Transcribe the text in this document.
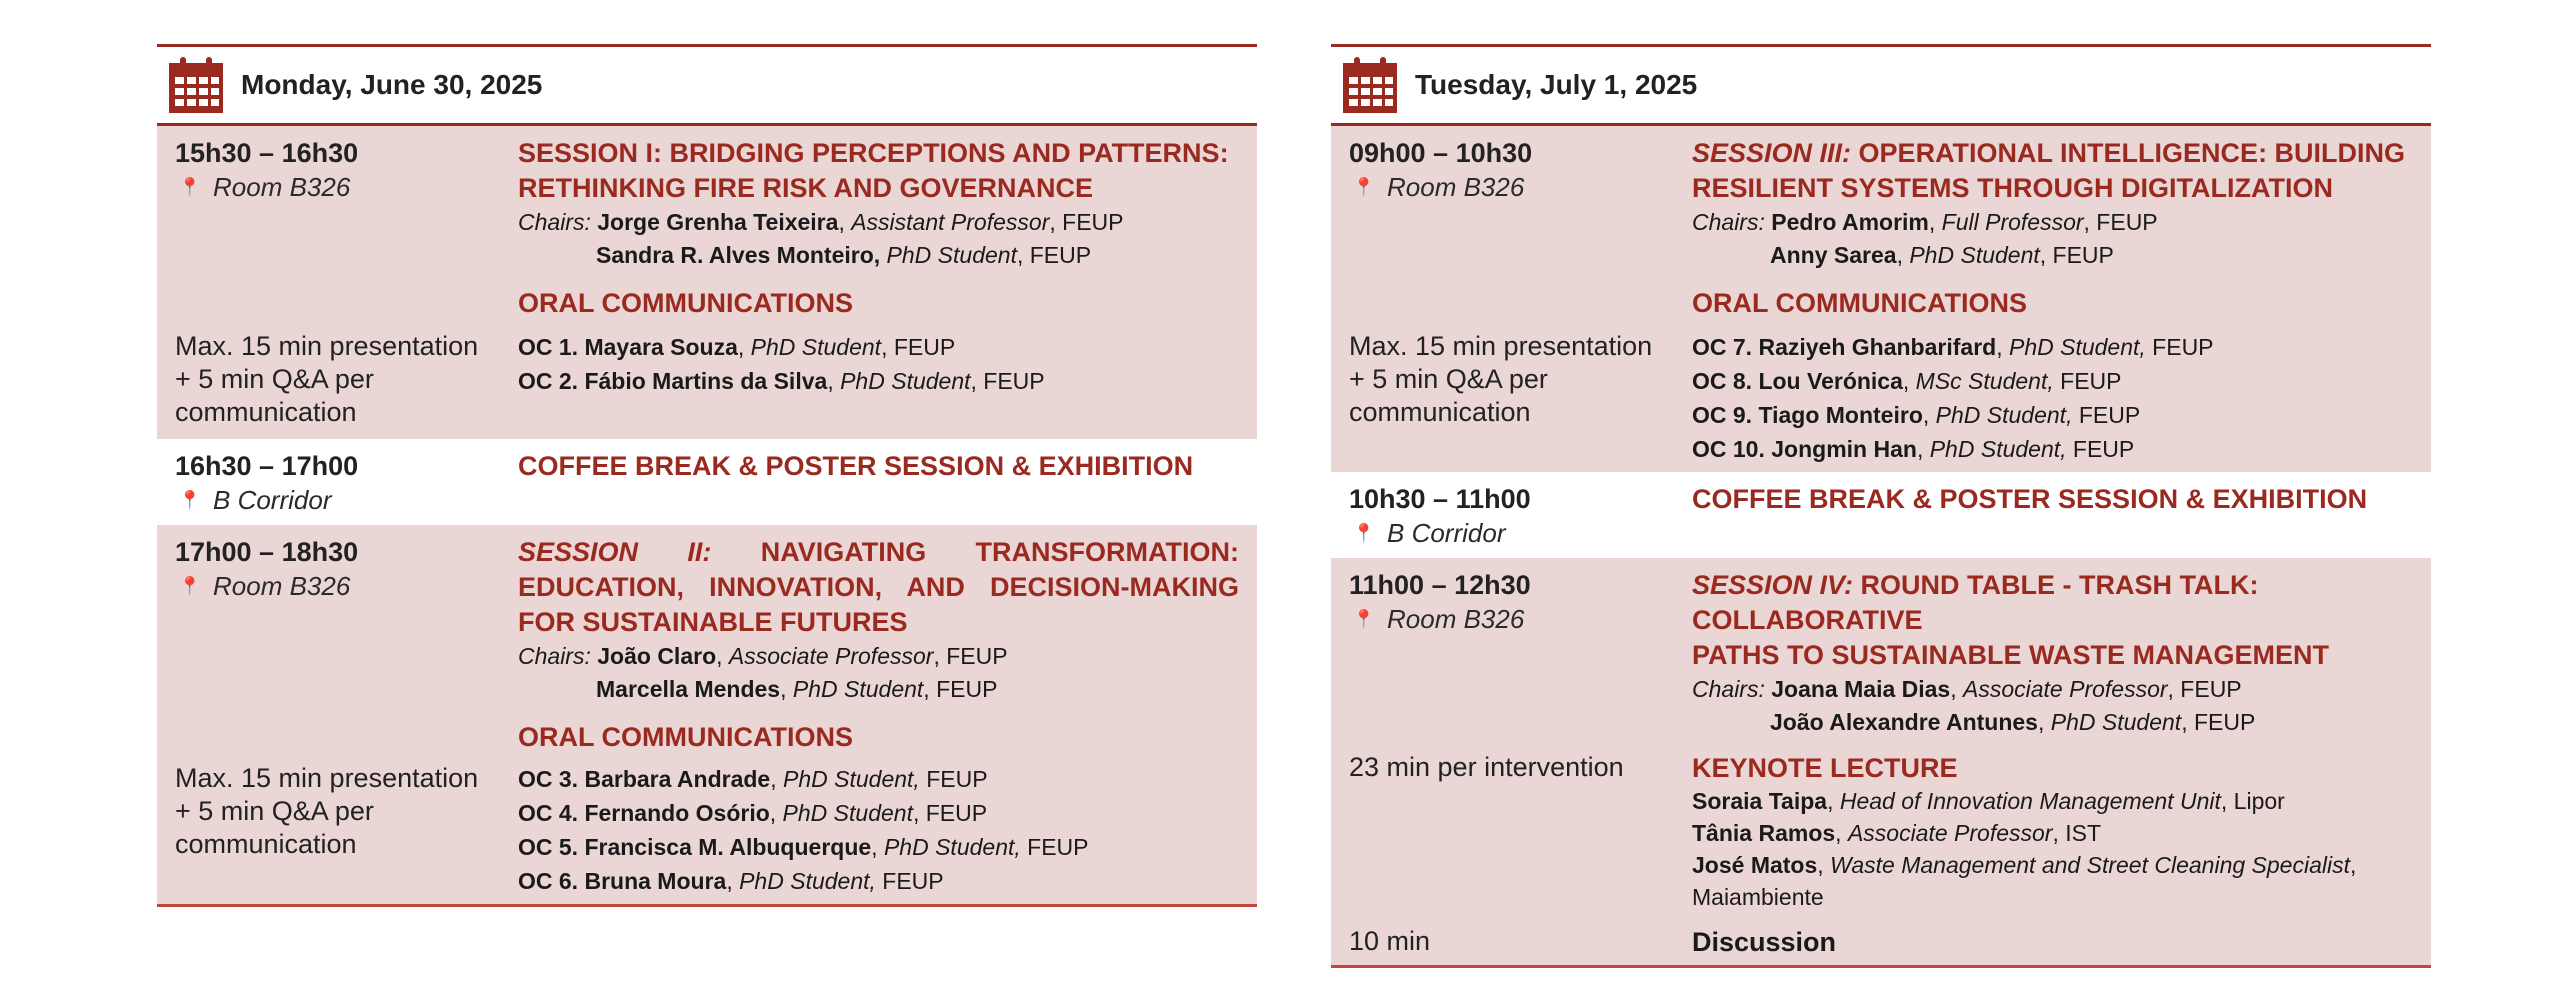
Monday, June 30, 2025
15h30 – 16h30
📍 Room B326
SESSION I: BRIDGING PERCEPTIONS AND PATTERNS:
RETHINKING FIRE RISK AND GOVERNANCE
Chairs: Jorge Grenha Teixeira, Assistant Professor, FEUP
Sandra R. Alves Monteiro, PhD Student, FEUP
ORAL COMMUNICATIONS
Max. 15 min presentation + 5 min Q&A per communication
OC 1. Mayara Souza, PhD Student, FEUP
OC 2. Fábio Martins da Silva, PhD Student, FEUP
16h30 – 17h00
📍 B Corridor
COFFEE BREAK & POSTER SESSION & EXHIBITION
17h00 – 18h30
📍 Room B326
SESSION II: NAVIGATING TRANSFORMATION: EDUCATION, INNOVATION, AND DECISION-MAKING FOR SUSTAINABLE FUTURES
Chairs: João Claro, Associate Professor, FEUP
Marcella Mendes, PhD Student, FEUP
ORAL COMMUNICATIONS
Max. 15 min presentation + 5 min Q&A per communication
OC 3. Barbara Andrade, PhD Student, FEUP
OC 4. Fernando Osório, PhD Student, FEUP
OC 5. Francisca M. Albuquerque, PhD Student, FEUP
OC 6. Bruna Moura, PhD Student, FEUP
Tuesday, July 1, 2025
09h00 – 10h30
📍 Room B326
SESSION III: OPERATIONAL INTELLIGENCE: BUILDING
RESILIENT SYSTEMS THROUGH DIGITALIZATION
Chairs: Pedro Amorim, Full Professor, FEUP
Anny Sarea, PhD Student, FEUP
ORAL COMMUNICATIONS
Max. 15 min presentation + 5 min Q&A per communication
OC 7. Raziyeh Ghanbarifard, PhD Student, FEUP
OC 8. Lou Verónica, MSc Student, FEUP
OC 9. Tiago Monteiro, PhD Student, FEUP
OC 10. Jongmin Han, PhD Student, FEUP
10h30 – 11h00
📍 B Corridor
COFFEE BREAK & POSTER SESSION & EXHIBITION
11h00 – 12h30
📍 Room B326
SESSION IV: ROUND TABLE - TRASH TALK: COLLABORATIVE
PATHS TO SUSTAINABLE WASTE MANAGEMENT
Chairs: Joana Maia Dias, Associate Professor, FEUP
João Alexandre Antunes, PhD Student, FEUP
23 min per intervention	KEYNOTE LECTURE
Soraia Taipa, Head of Innovation Management Unit, Lipor
Tânia Ramos, Associate Professor, IST
José Matos, Waste Management and Street Cleaning Specialist, Maiambiente
10 min	Discussion
